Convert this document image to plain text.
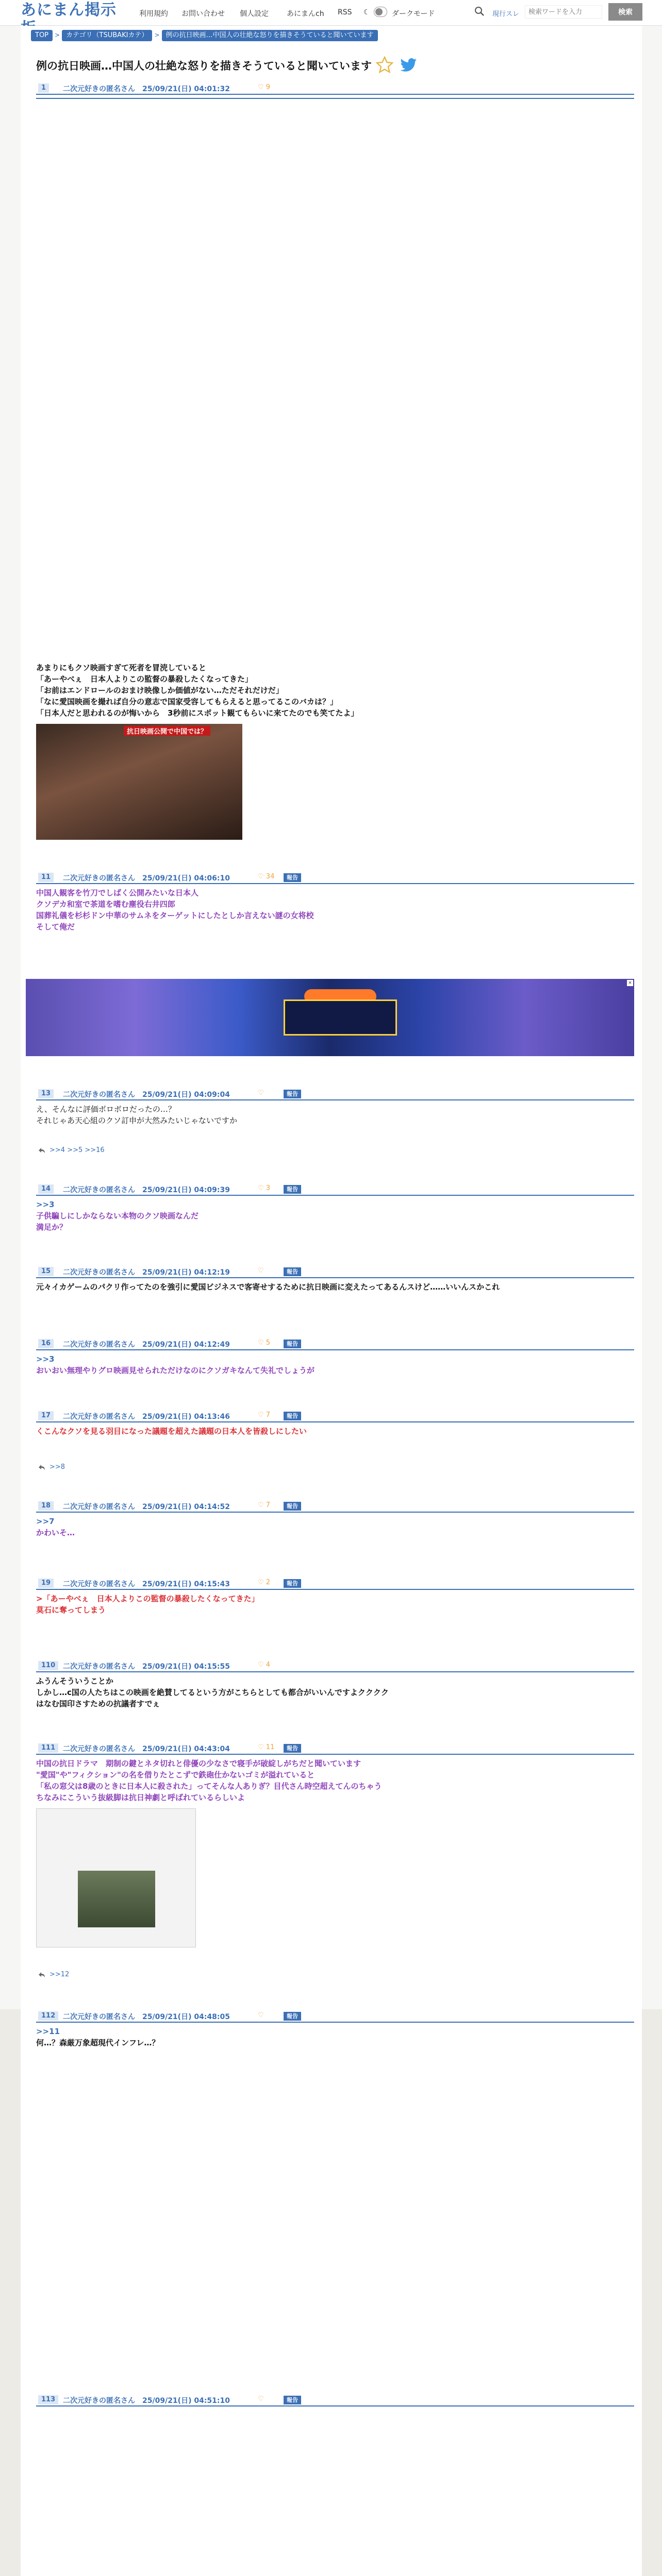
あにまん掲示	利用規約 お問い合わせ 個人設定	あにまんch RSS ☾	ダークモード	現行スレ
検索ワードを入力	検索
TOP > カテゴリ（TSUBAKIカテ） > 例の抗日映画…中国人の壮絶な怒りを描きそうていると聞いています
例の抗日映画…中国人の壮絶な怒りを描きそうていると聞いています
1	二次元好きの匿名さん　25/09/21(日) 04:01:32	♡ 9
あまりにもクソ映画すぎて死者を冒涜していると
「あーやべぇ　日本人よりこの監督の暴殺したくなってきた」
「お前はエンドロールのおまけ映像しか価値がない…ただそれだけだ」
「なに愛国映画を撮れば自分の意志で国家受容してもらえると思ってるこのバカは？」
「日本人だと思われるのが悔いから　3秒前にスポット観てもらいに来てたのでも笑てたよ」
抗日映画公開で中国では？
11	二次元好きの匿名さん　25/09/21(日) 04:06:10	♡ 34	報告
中国人観客を竹刀でしばく公開みたいな日本人
クソデカ和室で茶道を嗜む塵役右井四郎
国葬礼儀を杉杉ドン中華のサムネをターゲットにしたとしか言えない謎の女将校
そして俺だ
13	二次元好きの匿名さん　25/09/21(日) 04:09:04	♡	報告
え、そんなに評価ボロボロだったの…？
それじゃあ天心組のクソ訂申が大然みたいじゃないですか
>>4 >>5 >>16
14	二次元好きの匿名さん　25/09/21(日) 04:09:39	♡ 3	報告
>>3
子供騙しにしかならない本物のクソ映画なんだ
満足か？
15	二次元好きの匿名さん　25/09/21(日) 04:12:19	♡	報告
元々イカゲームのパクリ作ってたのを強引に愛国ビジネスで客寄せするために抗日映画に変えたってあるんスけど……いいんスかこれ
16	二次元好きの匿名さん　25/09/21(日) 04:12:49	♡ 5	報告
>>3
おいおい無理やりグロ映画見せられただけなのにクソガキなんて失礼でしょうが
17	二次元好きの匿名さん　25/09/21(日) 04:13:46	♡ 7	報告
くこんなクソを見る羽目になった議題を超えた議題の日本人を皆殺しにしたい
>>8
18	二次元好きの匿名さん　25/09/21(日) 04:14:52	♡ 7	報告
>>7
かわいそ…
19	二次元好きの匿名さん　25/09/21(日) 04:15:43	♡ 2	報告
>「あーやべぇ　日本人よりこの監督の暴殺したくなってきた」
莫石に奪ってしまう
110	二次元好きの匿名さん　25/09/21(日) 04:15:55	♡ 4
ふうんそういうことか
しかし…c国の人たちはこの映画を絶賛してるという方がこちらとしても都合がいいんですよクククク
はなむ国印さすための抗議者すでぇ
111	二次元好きの匿名さん　25/09/21(日) 04:43:04	♡ 11	報告
中国の抗日ドラマ　期制の鍵とネタ切れと俳優の少なさで寝手が破綻しがちだと聞いています
"愛国"や"フィクション"の名を借りたとこずで鉄砲仕かないゴミが溢れていると
「私の窓父は8歳のときに日本人に殺された」ってそんな人ありぎ？目代さん時空超えてんのちゃう
ちなみにこういう抜級脚は抗日神劇と呼ばれているらしいよ
>>12
112	二次元好きの匿名さん　25/09/21(日) 04:48:05	♡	報告
>>11
何…？森厳万象超現代インフレ…？
113	二次元好きの匿名さん　25/09/21(日) 04:51:10	♡	報告
×
